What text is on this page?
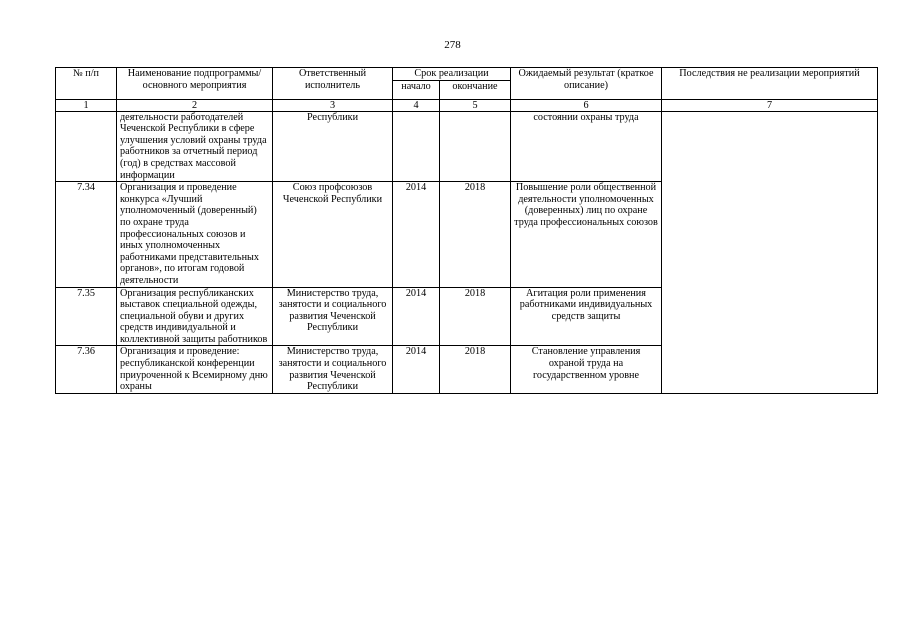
278
№ п/п	Наименование подпрограммы/ основного мероприятия	Ответственный исполнитель	Срок реализации		Ожидаемый результат (краткое описание)	Последствия не реализации мероприятий
			начало	окончание		
1	2	3	4	5	6	7
	деятельности работодателей Чеченской Республики в сфере улучшения условий охраны труда работников за отчетный период (год) в средствах массовой информации	Республики			состоянии охраны труда	
7.34	Организация и проведение конкурса «Лучший уполномоченный (доверенный) по охране труда профессиональных союзов и иных уполномоченных работниками представительных органов», по итогам годовой деятельности	Союз профсоюзов Чеченской Республики	2014	2018	Повышение роли общественной деятельности уполномоченных (доверенных) лиц по охране труда профессиональных союзов	
7.35	Организация республиканских выставок специальной одежды, специальной обуви и других средств индивидуальной и коллективной защиты работников	Министерство труда, занятости и социального развития Чеченской Республики	2014	2018	Агитация роли применения работниками индивидуальных средств защиты	
7.36	Организация и проведение: республиканской конференции приуроченной к Всемирному дню охраны	Министерство труда, занятости и социального развития Чеченской Республики	2014	2018	Становление управления охраной труда на государственном уровне	
